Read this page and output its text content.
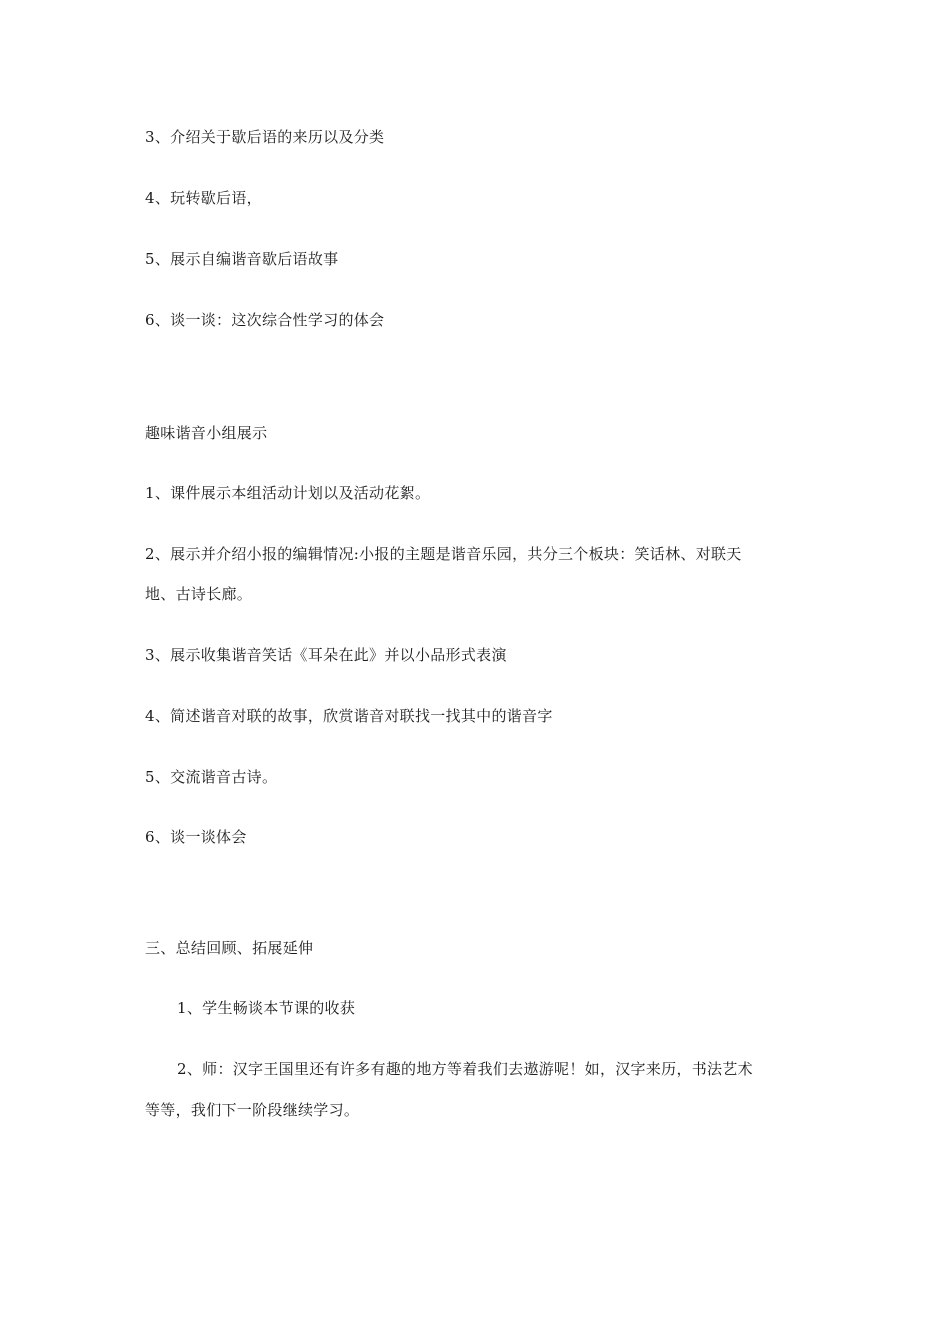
3、介绍关于歇后语的来历以及分类
4、玩转歇后语，
5、展示自编谐音歇后语故事
6、谈一谈：这次综合性学习的体会
趣味谐音小组展示
1、课件展示本组活动计划以及活动花絮。
2、展示并介绍小报的编辑情况:小报的主题是谐音乐园，共分三个板块：笑话林、对联天
地、古诗长廊。
3、展示收集谐音笑话《耳朵在此》并以小品形式表演
4、简述谐音对联的故事，欣赏谐音对联找一找其中的谐音字
5、交流谐音古诗。
6、谈一谈体会
三、总结回顾、拓展延伸
1、学生畅谈本节课的收获
2、师：汉字王国里还有许多有趣的地方等着我们去遨游呢！如，汉字来历，书法艺术
等等，我们下一阶段继续学习。
